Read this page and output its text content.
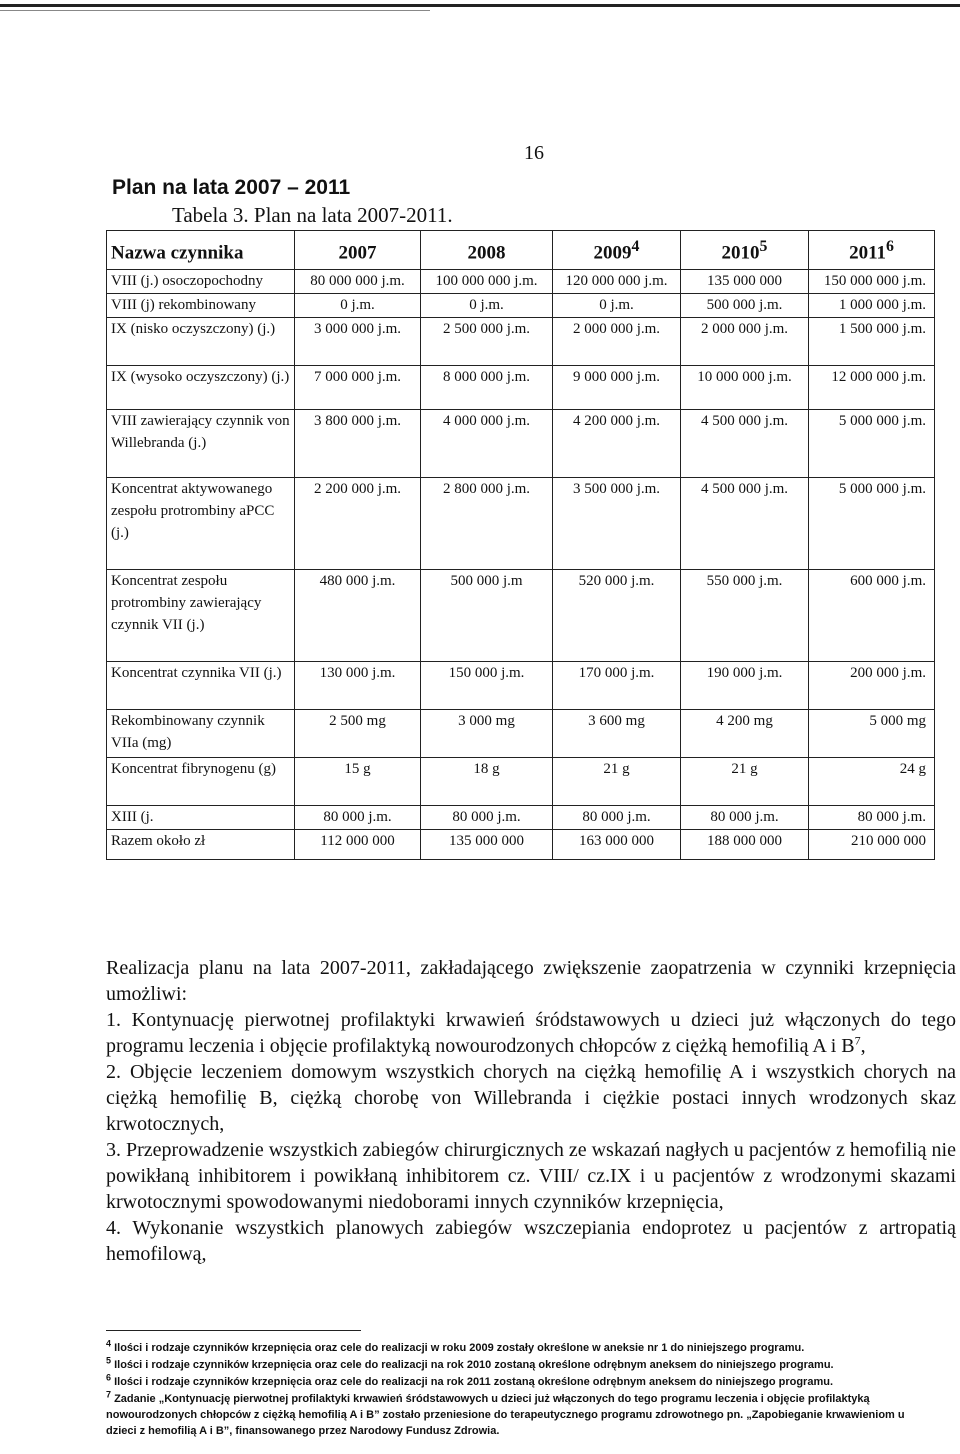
16
Plan na lata 2007 – 2011
Tabela 3. Plan na lata 2007-2011.
Nazwa czynnika	2007	2008	2009$^4$	2010$^5$	2011$^6$
VIII (j.) osoczopochodny	80 000 000 j.m.	100 000 000 j.m.	120 000 000 j.m.	135 000 000	150 000 000 j.m.
VIII (j) rekombinowany	0 j.m.	0 j.m.	0 j.m.	500 000 j.m.	1 000 000 j.m.
IX (nisko oczyszczony) (j.)	3 000 000 j.m.	2 500 000 j.m.	2 000 000 j.m.	2 000 000 j.m.	1 500 000 j.m.
IX (wysoko oczyszczony) (j.)	7 000 000 j.m.	8 000 000 j.m.	9 000 000 j.m.	10 000 000 j.m.	12 000 000 j.m.
VIII zawierający czynnik von Willebranda (j.)	3 800 000 j.m.	4 000 000 j.m.	4 200 000 j.m.	4 500 000 j.m.	5 000 000 j.m.
Koncentrat aktywowanego zespołu protrombiny aPCC (j.)	2 200 000 j.m.	2 800 000 j.m.	3 500 000 j.m.	4 500 000 j.m.	5 000 000 j.m.
Koncentrat zespołu protrombiny zawierający czynnik VII (j.)	480 000 j.m.	500 000 j.m	520 000 j.m.	550 000 j.m.	600 000 j.m.
Koncentrat czynnika VII (j.)	130 000 j.m.	150 000 j.m.	170 000 j.m.	190 000 j.m.	200 000 j.m.
Rekombinowany czynnik VIIa (mg)	2 500 mg	3 000 mg	3 600 mg	4 200 mg	5 000 mg
Koncentrat fibrynogenu (g)	15 g	18 g	21 g	21 g	24 g
XIII (j.	80 000 j.m.	80 000 j.m.	80 000 j.m.	80 000 j.m.	80 000 j.m.
Razem około zł	112 000 000	135 000 000	163 000 000	188 000 000	210 000 000

Realizacja planu na lata 2007-2011, zakładającego zwiększenie zaopatrzenia w czynniki krzepnięcia umożliwi:

1. Kontynuację pierwotnej profilaktyki krwawień śródstawowych u dzieci już włączonych do tego programu leczenia i objęcie profilaktyką nowourodzonych chłopców z ciężką hemofilią A i $B^7$,

2. Objęcie leczeniem domowym wszystkich chorych na ciężką hemofilię A i wszystkich chorych na ciężką hemofilię B, ciężką chorobę von Willebranda i ciężkie postaci innych wrodzonych skaz krwotocznych,

3. Przeprowadzenie wszystkich zabiegów chirurgicznych ze wskazań nagłych u pacjentów z hemofilią nie powikłaną inhibitorem i powikłaną inhibitorem cz. VIII/ cz.IX i u pacjentów z wrodzonymi skazami krwotocznymi spowodowanymi niedoborami innych czynników krzepnięcia,

4. Wykonanie wszystkich planowych zabiegów wszczepiania endoprotez u pacjentów z artropatią hemofilową,

$^4$ Ilości i rodzaje czynników krzepnięcia oraz cele do realizacji w roku 2009 zostały określone w aneksie nr 1 do niniejszego programu.

$^5$ Ilości i rodzaje czynników krzepnięcia oraz cele do realizacji na rok 2010 zostaną określone odrębnym aneksem do niniejszego programu.

$^6$ Ilości i rodzaje czynników krzepnięcia oraz cele do realizacji na rok 2011 zostaną określone odrębnym aneksem do niniejszego programu.

$^7$ Zadanie „Kontynuację pierwotnej profilaktyki krwawień śródstawowych u dzieci już włączonych do tego programu leczenia i objęcie profilaktyką nowourodzonych chłopców z ciężką hemofilią A i B” zostało przeniesione do terapeutycznego programu zdrowotnego pn. „Zapobieganie krwawieniom u dzieci z hemofilią A i B”, finansowanego przez Narodowy Fundusz Zdrowia.
